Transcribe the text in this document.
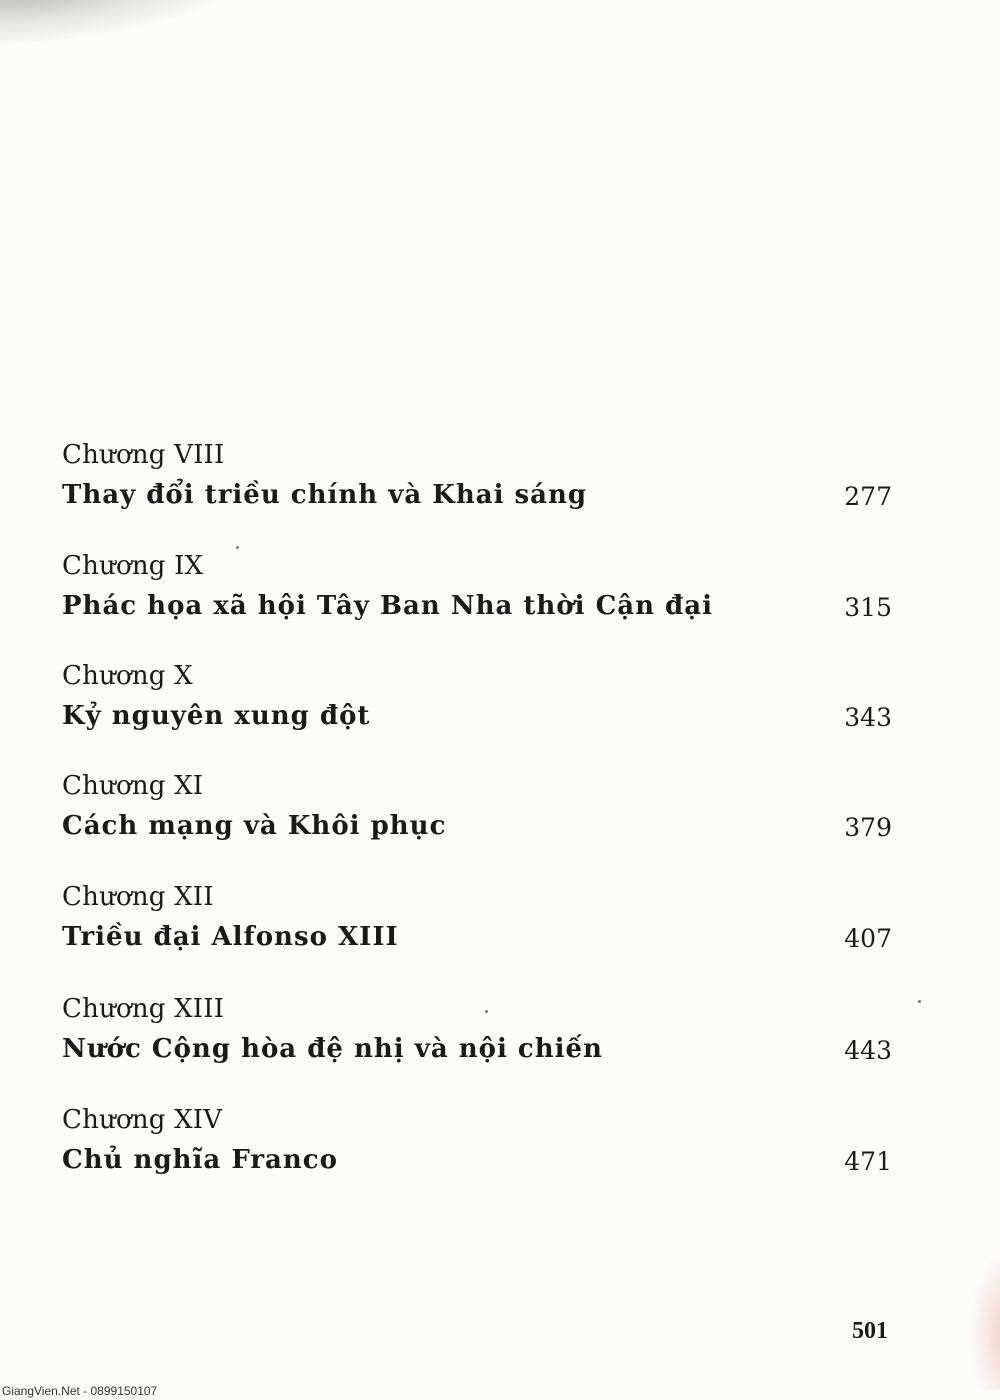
Chương VIII
Thay đổi triều chính và Khai sáng	277
Chương IX
Phác họa xã hội Tây Ban Nha thời Cận đại	315
Chương X
Kỷ nguyên xung đột	343
Chương XI
Cách mạng và Khôi phục	379
Chương XII
Triều đại Alfonso XIII	407
Chương XIII
Nước Cộng hòa đệ nhị và nội chiến	443
Chương XIV
Chủ nghĩa Franco	471
501
GiangVien.Net - 0899150107
